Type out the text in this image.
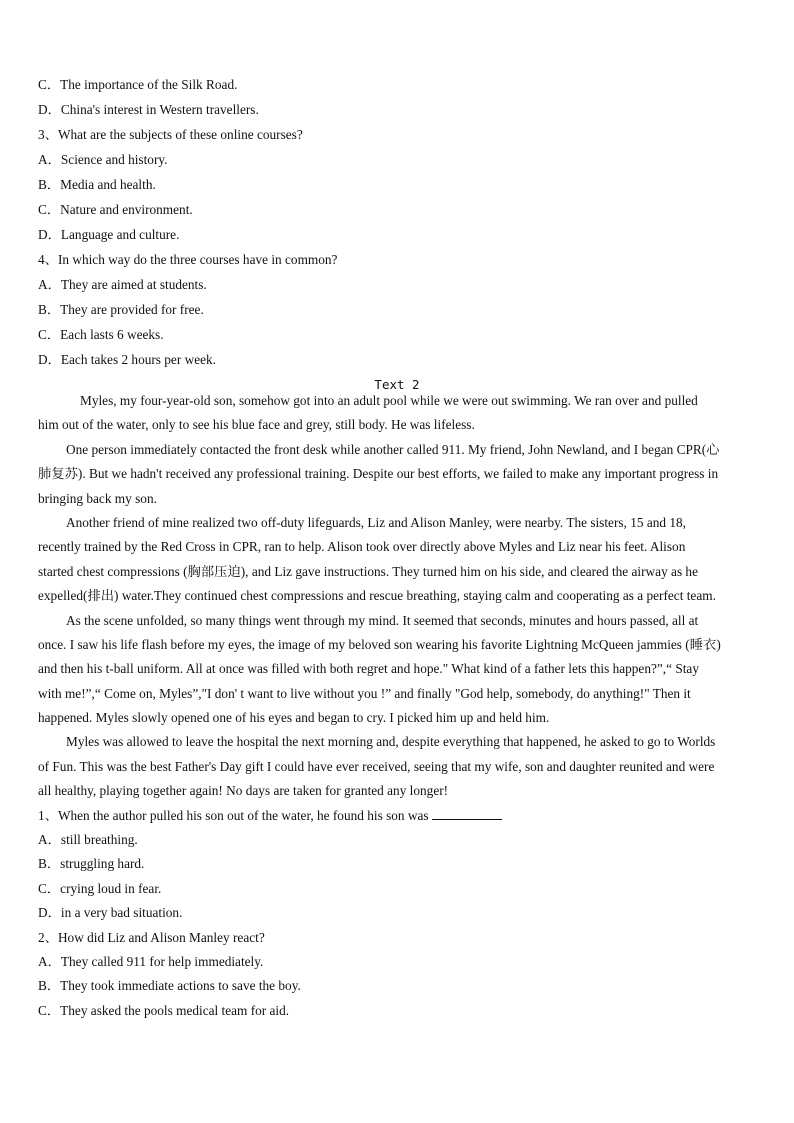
C．The importance of the Silk Road.
D．China's interest in Western travellers.
3、What are the subjects of these online courses?
A．Science and history.
B．Media and health.
C．Nature and environment.
D．Language and culture.
4、In which way do the three courses have in common?
A．They are aimed at students.
B．They are provided for free.
C．Each lasts 6 weeks.
D．Each takes 2 hours per week.
Text 2
Myles, my four-year-old son, somehow got into an adult pool while we were out swimming. We ran over and pulled
him out of the water, only to see his blue face and grey, still body. He was lifeless.
One person immediately contacted the front desk while another called 911. My friend, John Newland, and I began CPR(心
肺复苏). But we hadn't received any professional training. Despite our best efforts, we failed to make any important progress in
bringing back my son.
Another friend of mine realized two off-duty lifeguards, Liz and Alison Manley, were nearby. The sisters, 15 and 18,
recently trained by the Red Cross in CPR, ran to help. Alison took over directly above Myles and Liz near his feet. Alison
started chest compressions (胸部压迫), and Liz gave instructions. They turned him on his side, and cleared the airway as he
expelled(排出) water.They continued chest compressions and rescue breathing, staying calm and cooperating as a perfect team.
As the scene unfolded, so many things went through my mind. It seemed that seconds, minutes and hours passed, all at
once. I saw his life flash before my eyes, the image of my beloved son wearing his favorite Lightning McQueen jammies (睡衣)
and then his t-ball uniform. All at once was filled with both regret and hope." What kind of a father lets this happen?”,“ Stay
with me!”,“ Come on, Myles”,"I don' t want to live without you !” and finally "God help, somebody, do anything!" Then it
happened. Myles slowly opened one of his eyes and began to cry. I picked him up and held him.
Myles was allowed to leave the hospital the next morning and, despite everything that happened, he asked to go to Worlds
of Fun. This was the best Father's Day gift I could have ever received, seeing that my wife, son and daughter reunited and were
all healthy, playing together again! No days are taken for granted any longer!
1、When the author pulled his son out of the water, he found his son was
A．still breathing.
B．struggling hard.
C．crying loud in fear.
D．in a very bad situation.
2、How did Liz and Alison Manley react?
A．They called 911 for help immediately.
B．They took immediate actions to save the boy.
C．They asked the pools medical team for aid.
